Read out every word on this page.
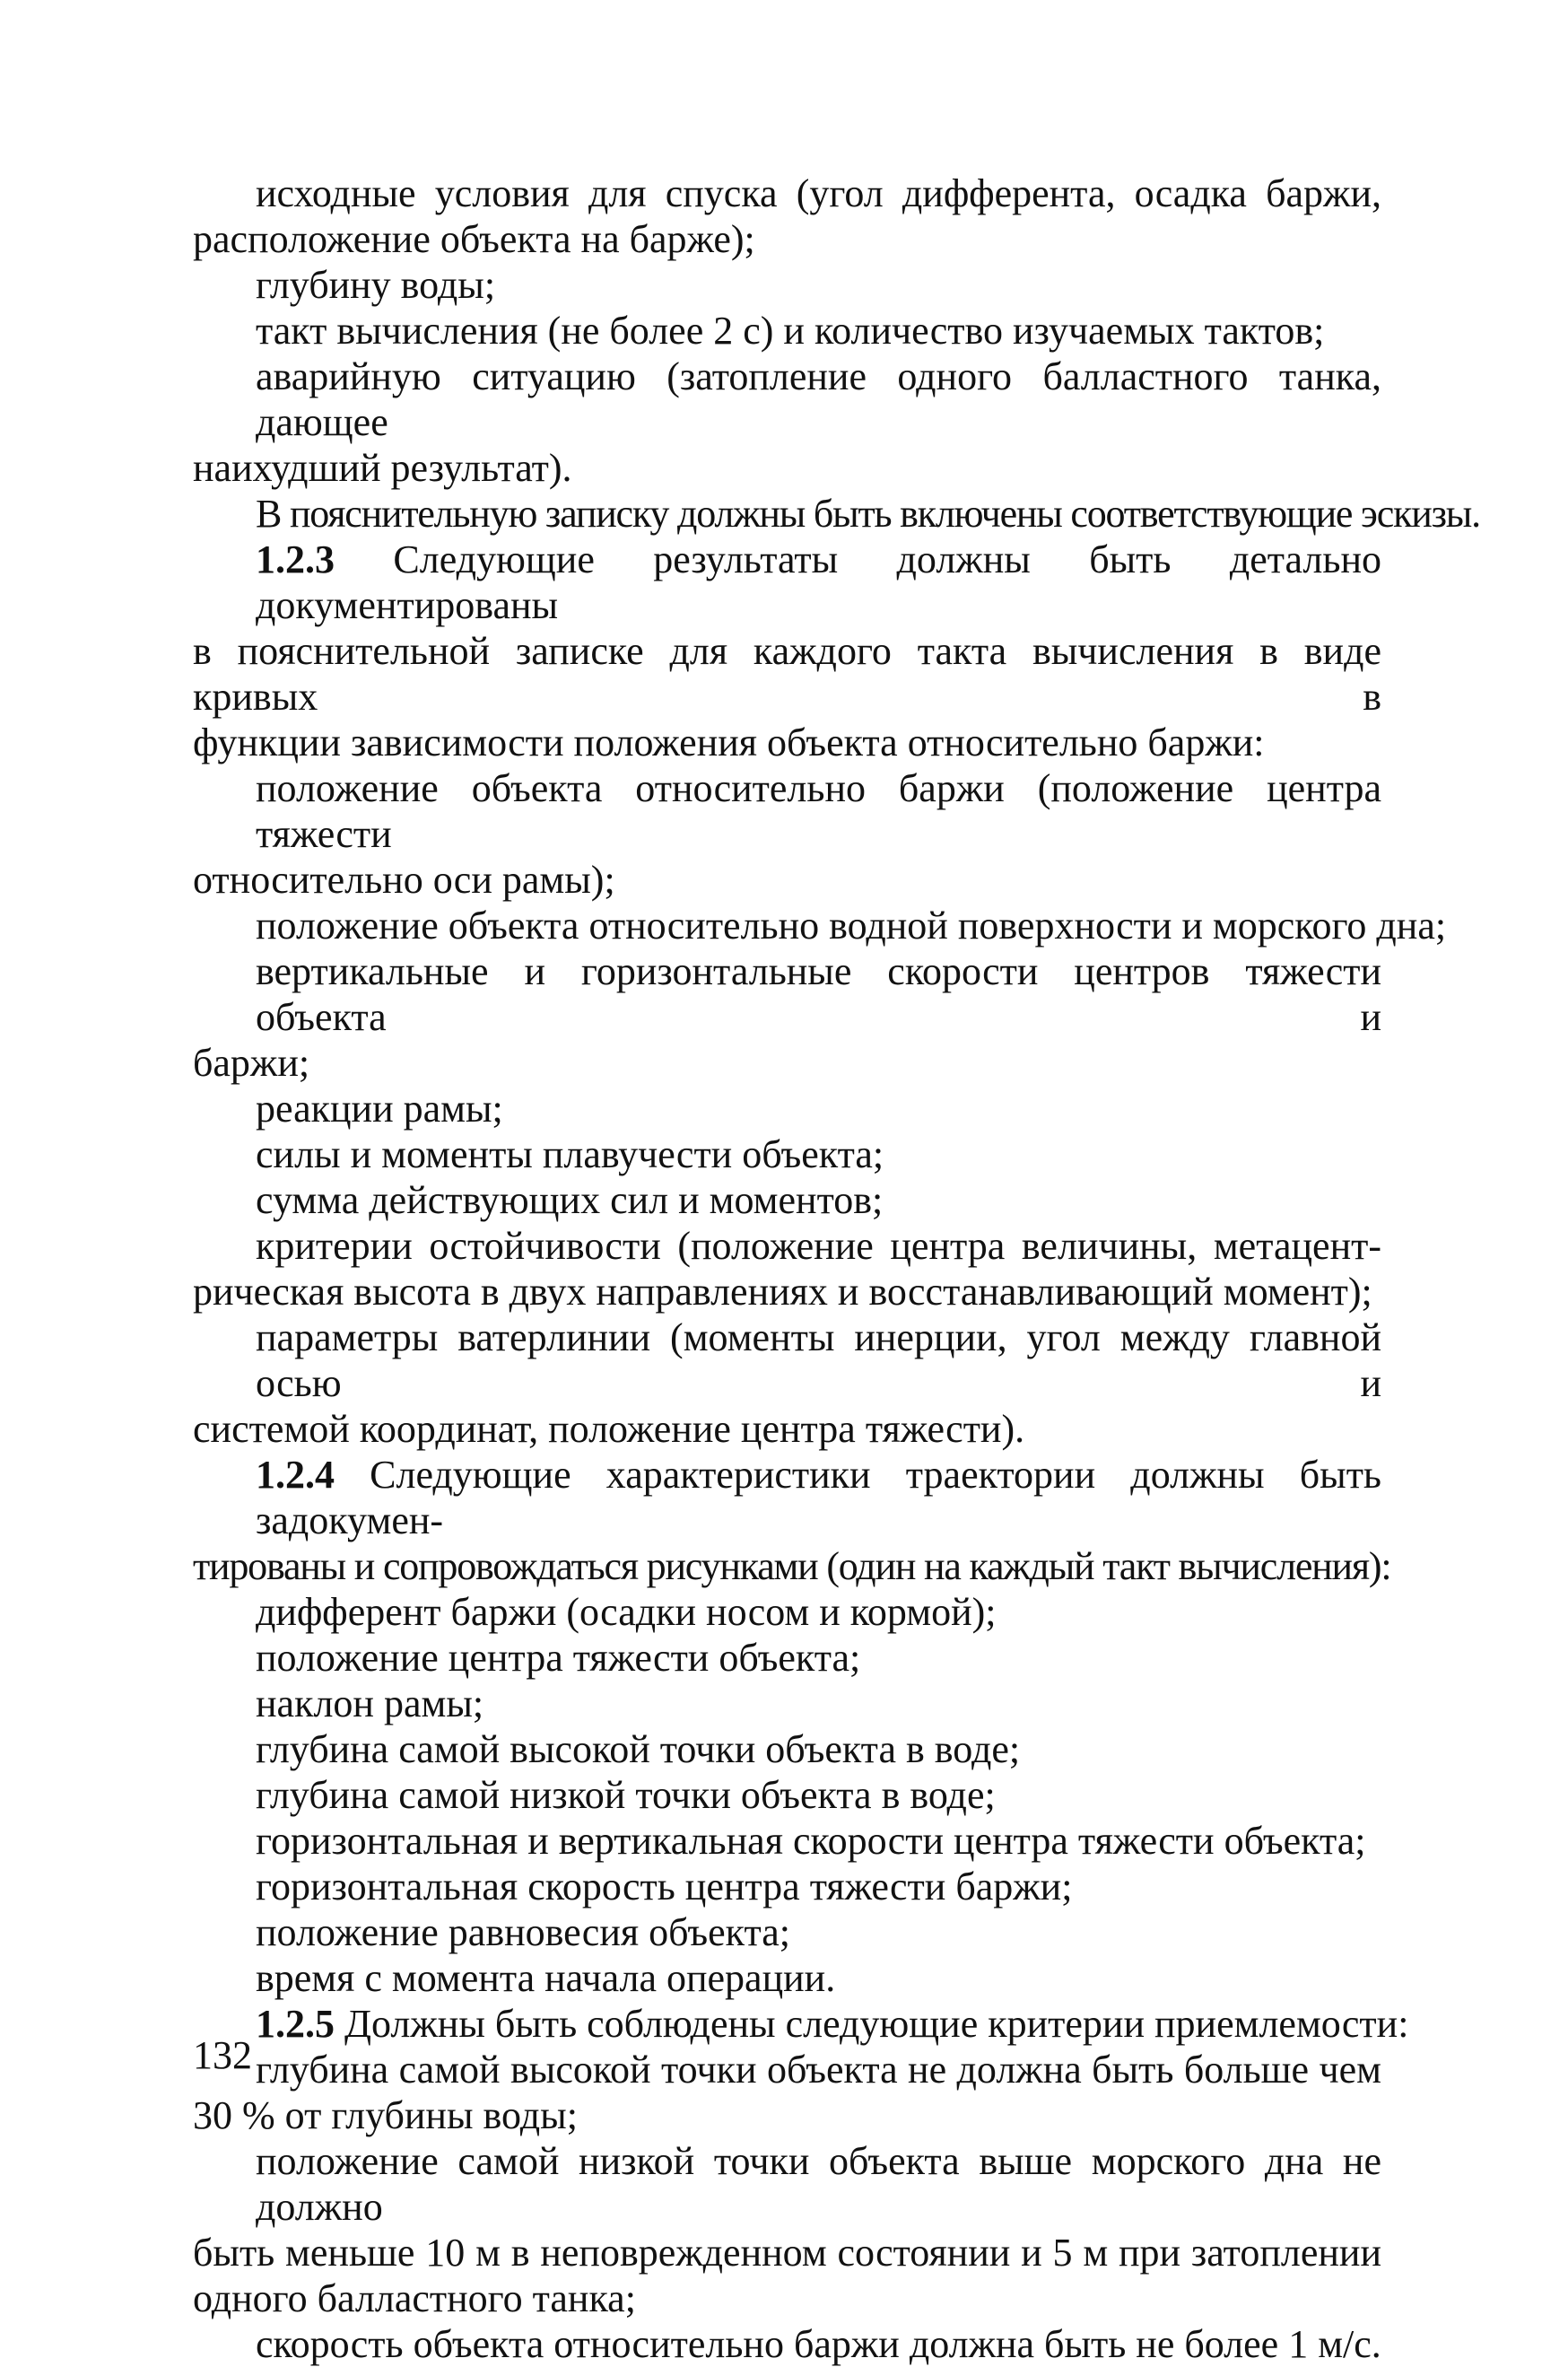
исходные условия для спуска (угол дифферента, осадка баржи,
расположение объекта на барже);
глубину воды;
такт вычисления (не более 2 с) и количество изучаемых тактов;
аварийную ситуацию (затопление одного балластного танка, дающее
наихудший результат).
В пояснительную записку должны быть включены соответствующие эскизы.
1.2.3 Следующие результаты должны быть детально документированы
в пояснительной записке для каждого такта вычисления в виде кривых в
функции зависимости положения объекта относительно баржи:
положение объекта относительно баржи (положение центра тяжести
относительно оси рамы);
положение объекта относительно водной поверхности и морского дна;
вертикальные и горизонтальные скорости центров тяжести объекта и
баржи;
реакции рамы;
силы и моменты плавучести объекта;
сумма действующих сил и моментов;
критерии остойчивости (положение центра величины, метацент-
рическая высота в двух направлениях и восстанавливающий момент);
параметры ватерлинии (моменты инерции, угол между главной осью и
системой координат, положение центра тяжести).
1.2.4 Следующие характеристики траектории должны быть задокумен-
тированы и сопровождаться рисунками (один на каждый такт вычисления):
дифферент баржи (осадки носом и кормой);
положение центра тяжести объекта;
наклон рамы;
глубина самой высокой точки объекта в воде;
глубина самой низкой точки объекта в воде;
горизонтальная и вертикальная скорости центра тяжести объекта;
горизонтальная скорость центра тяжести баржи;
положение равновесия объекта;
время с момента начала операции.
1.2.5 Должны быть соблюдены следующие критерии приемлемости:
глубина самой высокой точки объекта не должна быть больше чем
30 % от глубины воды;
положение самой низкой точки объекта выше морского дна не должно
быть меньше 10 м в неповрежденном состоянии и 5 м при затоплении
одного балластного танка;
скорость объекта относительно баржи должна быть не более 1 м/с.
132
